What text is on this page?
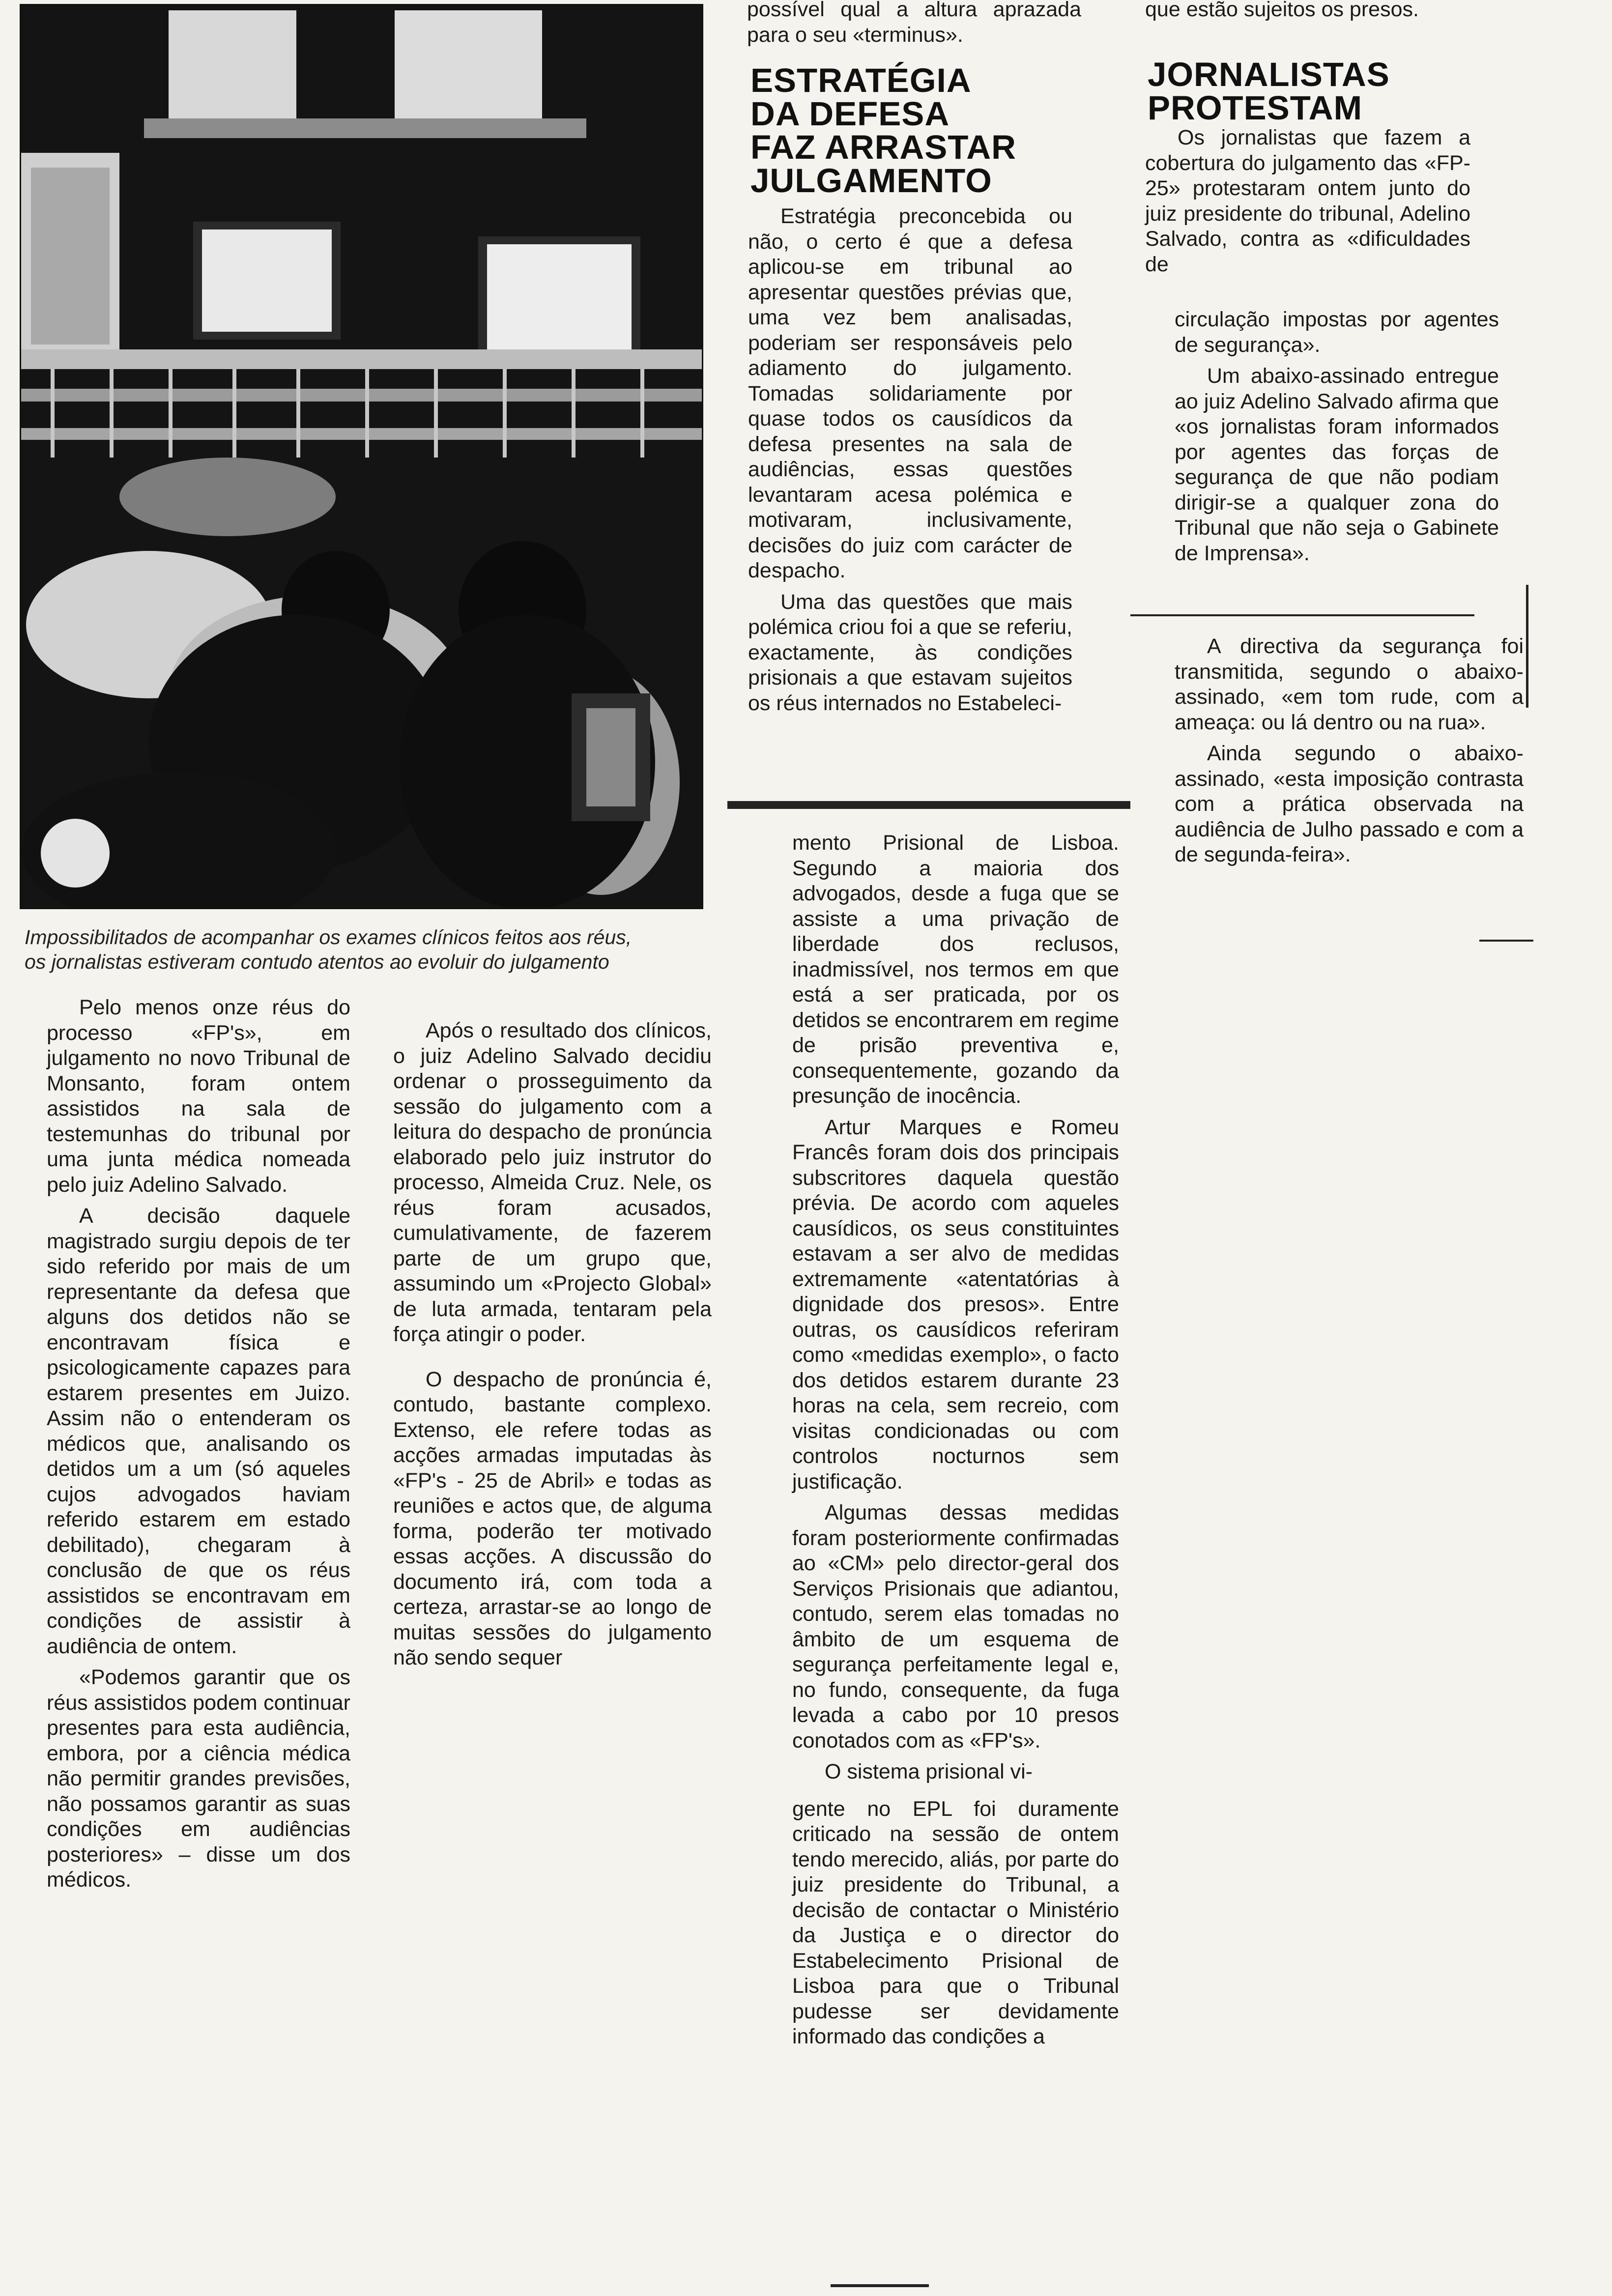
Impossibilitados de acompanhar os exames clínicos feitos aos réus,
os jornalistas estiveram contudo atentos ao evoluir do julgamento

Pelo menos onze réus do processo «FP's», em julgamento no novo Tribunal de Monsanto, foram ontem assistidos na sala de testemunhas do tribunal por uma junta médica nomeada pelo juiz Adelino Salvado.

A decisão daquele magistrado surgiu depois de ter sido referido por mais de um representante da defesa que alguns dos detidos não se encontravam física e psicologicamente capazes para estarem presentes em Juizo. Assim não o entenderam os médicos que, analisando os detidos um a um (só aqueles cujos advogados haviam referido estarem em estado debilitado), chegaram à conclusão de que os réus assistidos se encontravam em condições de assistir à audiência de ontem.

«Podemos garantir que os réus assistidos podem continuar presentes para esta audiência, embora, por a ciência médica não permitir grandes previsões, não possamos garantir as suas condições em audiências posteriores» – disse um dos médicos.

Após o resultado dos clínicos, o juiz Adelino Salvado decidiu ordenar o prosseguimento da sessão do julgamento com a leitura do despacho de pronúncia elaborado pelo juiz instrutor do processo, Almeida Cruz. Nele, os réus foram acusados, cumulativamente, de fazerem parte de um grupo que, assumindo um «Projecto Global» de luta armada, tentaram pela força atingir o poder.

O despacho de pronúncia é, contudo, bastante complexo. Extenso, ele refere todas as acções armadas imputadas às «FP's - 25 de Abril» e todas as reuniões e actos que, de alguma forma, poderão ter motivado essas acções. A discussão do documento irá, com toda a certeza, arrastar-se ao longo de muitas sessões do julgamento não sendo sequer

possível qual a altura aprazada para o seu «terminus».

ESTRATÉGIA
DA DEFESA
FAZ ARRASTAR
JULGAMENTO

Estratégia preconcebida ou não, o certo é que a defesa aplicou-se em tribunal ao apresentar questões prévias que, uma vez bem analisadas, poderiam ser responsáveis pelo adiamento do julgamento. Tomadas solidariamente por quase todos os causídicos da defesa presentes na sala de audiências, essas questões levantaram acesa polémica e motivaram, inclusivamente, decisões do juiz com carácter de despacho.

Uma das questões que mais polémica criou foi a que se referiu, exactamente, às condições prisionais a que estavam sujeitos os réus internados no Estabeleci-

mento Prisional de Lisboa. Segundo a maioria dos advogados, desde a fuga que se assiste a uma privação de liberdade dos reclusos, inadmissível, nos termos em que está a ser praticada, por os detidos se encontrarem em regime de prisão preventiva e, consequentemente, gozando da presunção de inocência.

Artur Marques e Romeu Francês foram dois dos principais subscritores daquela questão prévia. De acordo com aqueles causídicos, os seus constituintes estavam a ser alvo de medidas extremamente «atentatórias à dignidade dos presos». Entre outras, os causídicos referiram como «medidas exemplo», o facto dos detidos estarem durante 23 horas na cela, sem recreio, com visitas condicionadas ou com controlos nocturnos sem justificação.

Algumas dessas medidas foram posteriormente confirmadas ao «CM» pelo director-geral dos Serviços Prisionais que adiantou, contudo, serem elas tomadas no âmbito de um esquema de segurança perfeitamente legal e, no fundo, consequente, da fuga levada a cabo por 10 presos conotados com as «FP's».

O sistema prisional vi-

gente no EPL foi duramente criticado na sessão de ontem tendo merecido, aliás, por parte do juiz presidente do Tribunal, a decisão de contactar o Ministério da Justiça e o director do Estabelecimento Prisional de Lisboa para que o Tribunal pudesse ser devidamente informado das condições a

que estão sujeitos os presos.

JORNALISTAS
PROTESTAM

Os jornalistas que fazem a cobertura do julgamento das «FP-25» protestaram ontem junto do juiz presidente do tribunal, Adelino Salvado, contra as «dificuldades de

circulação impostas por agentes de segurança».

Um abaixo-assinado entregue ao juiz Adelino Salvado afirma que «os jornalistas foram informados por agentes das forças de segurança de que não podiam dirigir-se a qualquer zona do Tribunal que não seja o Gabinete de Imprensa».

A directiva da segurança foi transmitida, segundo o abaixo-assinado, «em tom rude, com a ameaça: ou lá dentro ou na rua».

Ainda segundo o abaixo-assinado, «esta imposição contrasta com a prática observada na audiência de Julho passado e com a de segunda-feira».
